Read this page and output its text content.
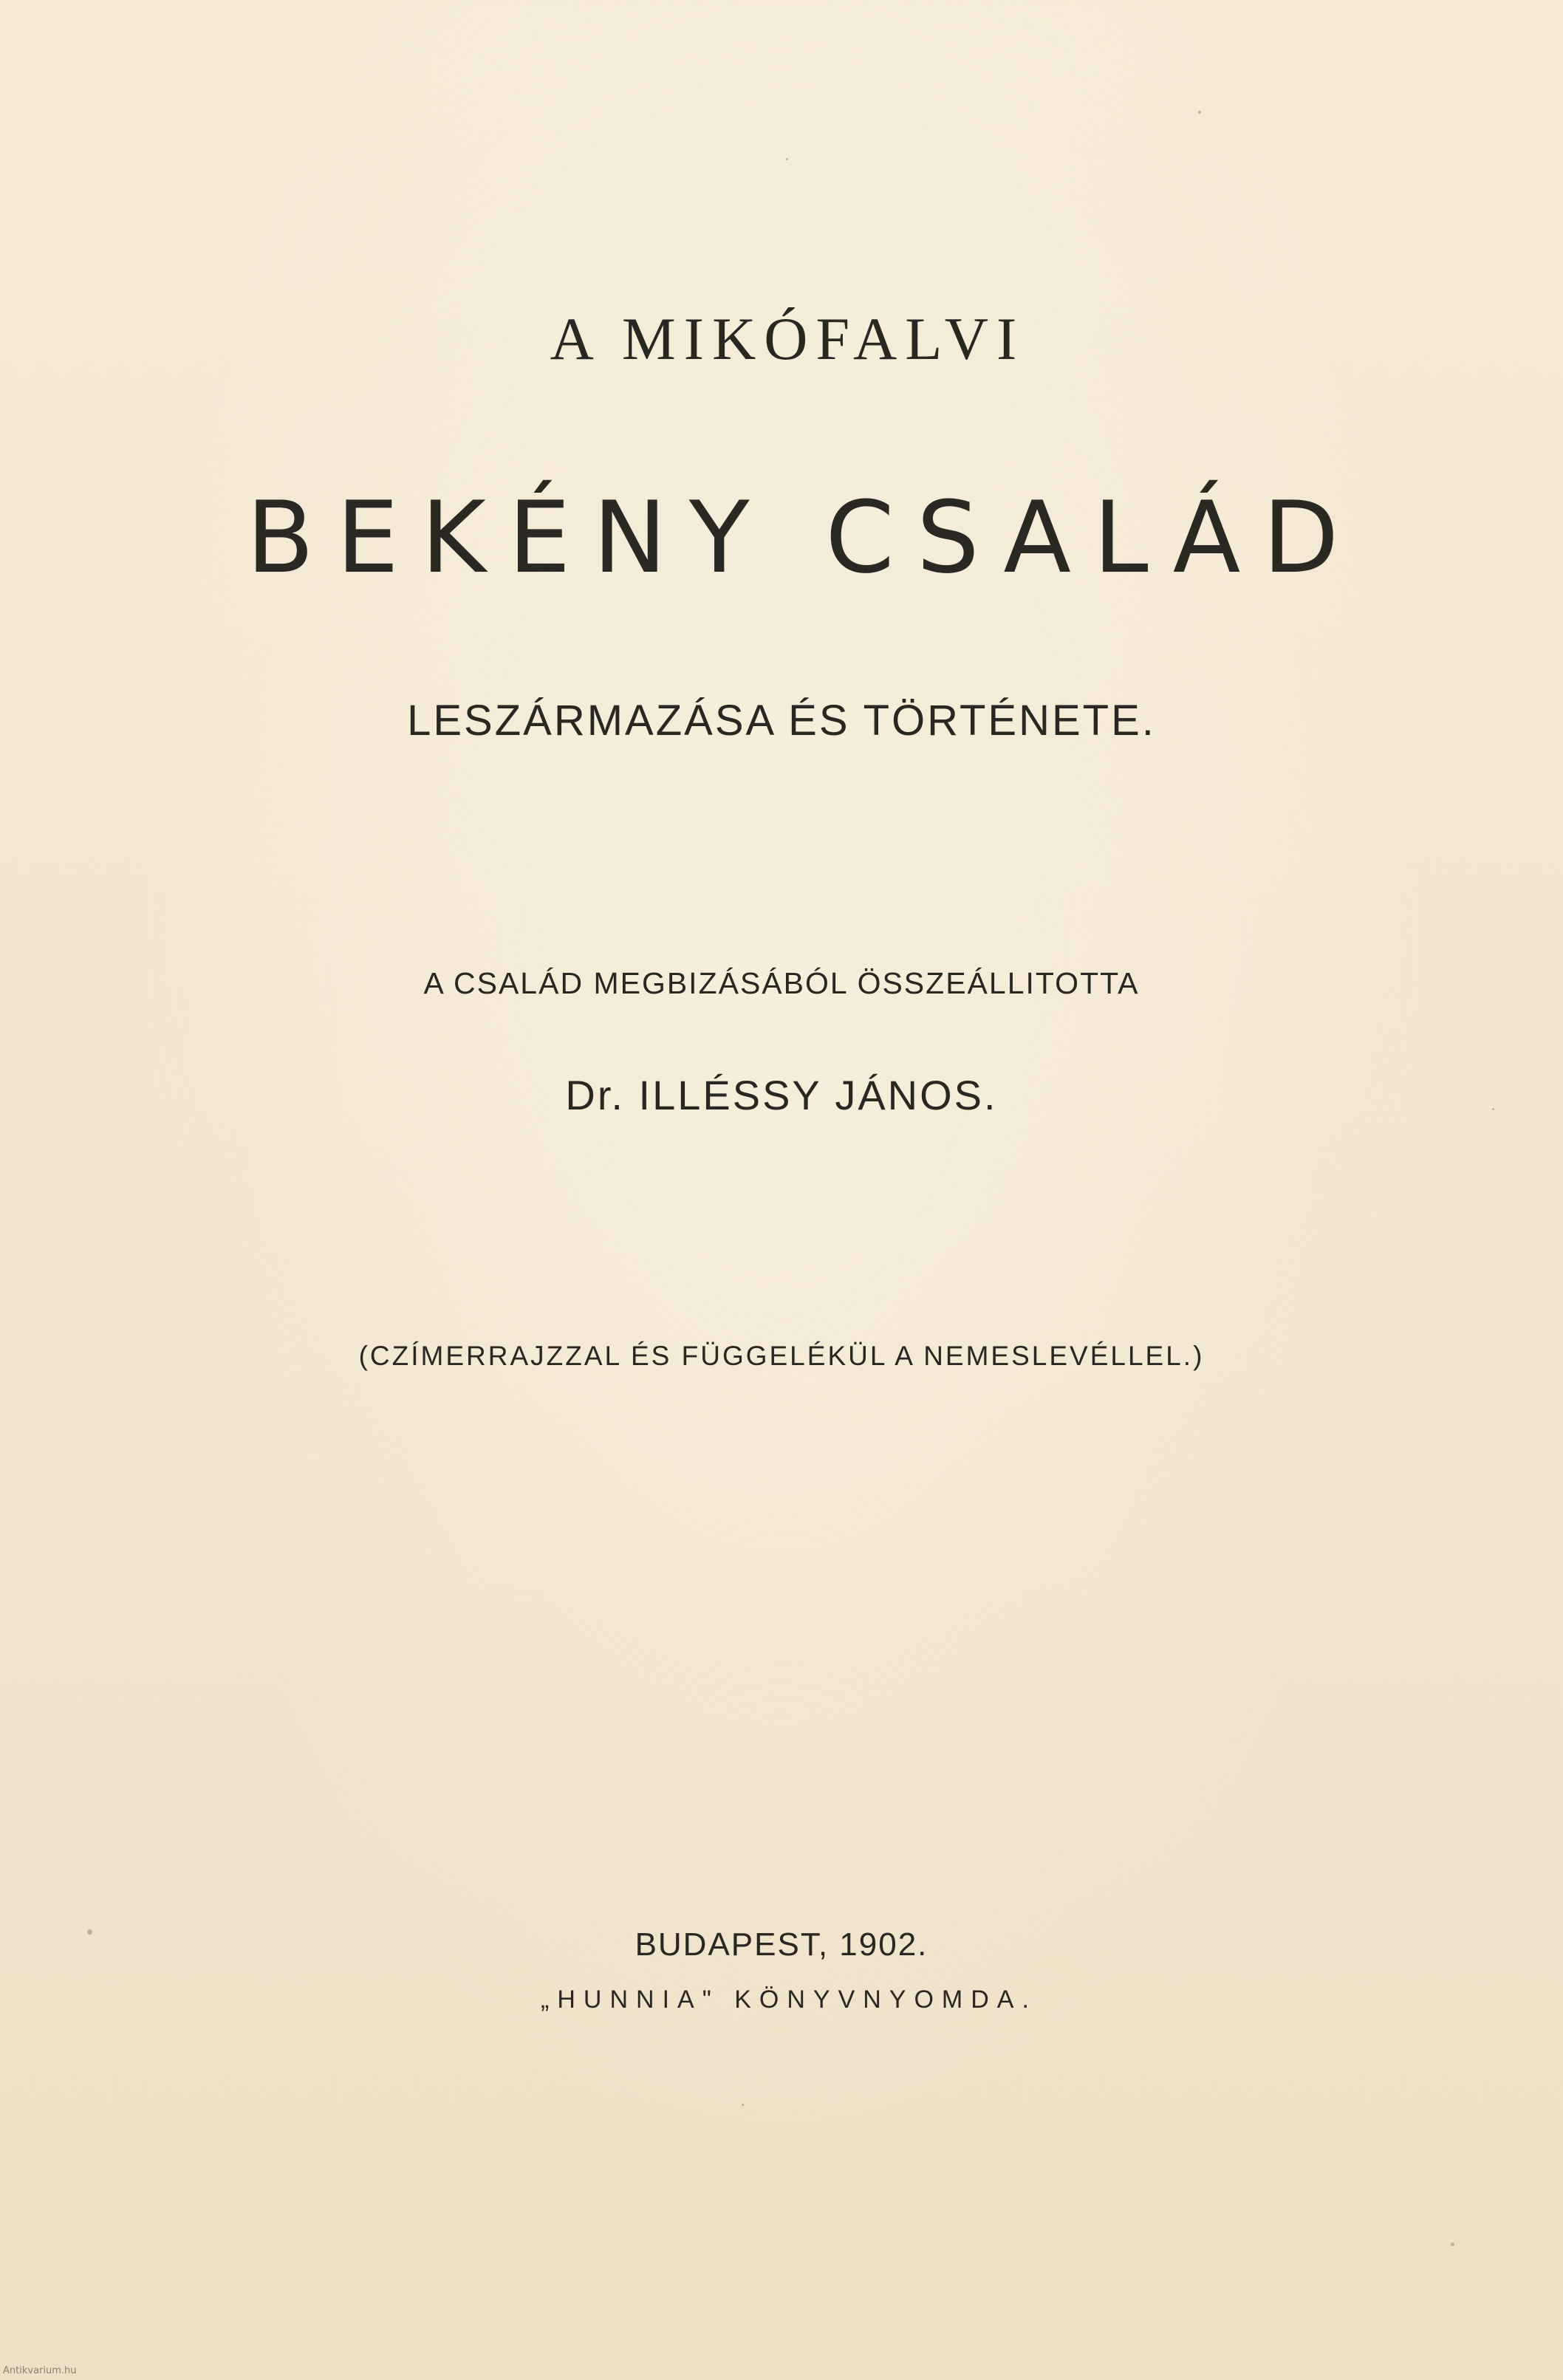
A MIKÓFALVI
BEKÉNY CSALÁD
LESZÁRMAZÁSA ÉS TÖRTÉNETE.
A CSALÁD MEGBIZÁSÁBÓL ÖSSZEÁLLITOTTA
Dr. ILLÉSSY JÁNOS.
(CZÍMERRAJZZAL ÉS FÜGGELÉKÜL A NEMESLEVÉLLEL.)
BUDAPEST, 1902.
„HUNNIA" KÖNYVNYOMDA.
Antikvarium.hu
